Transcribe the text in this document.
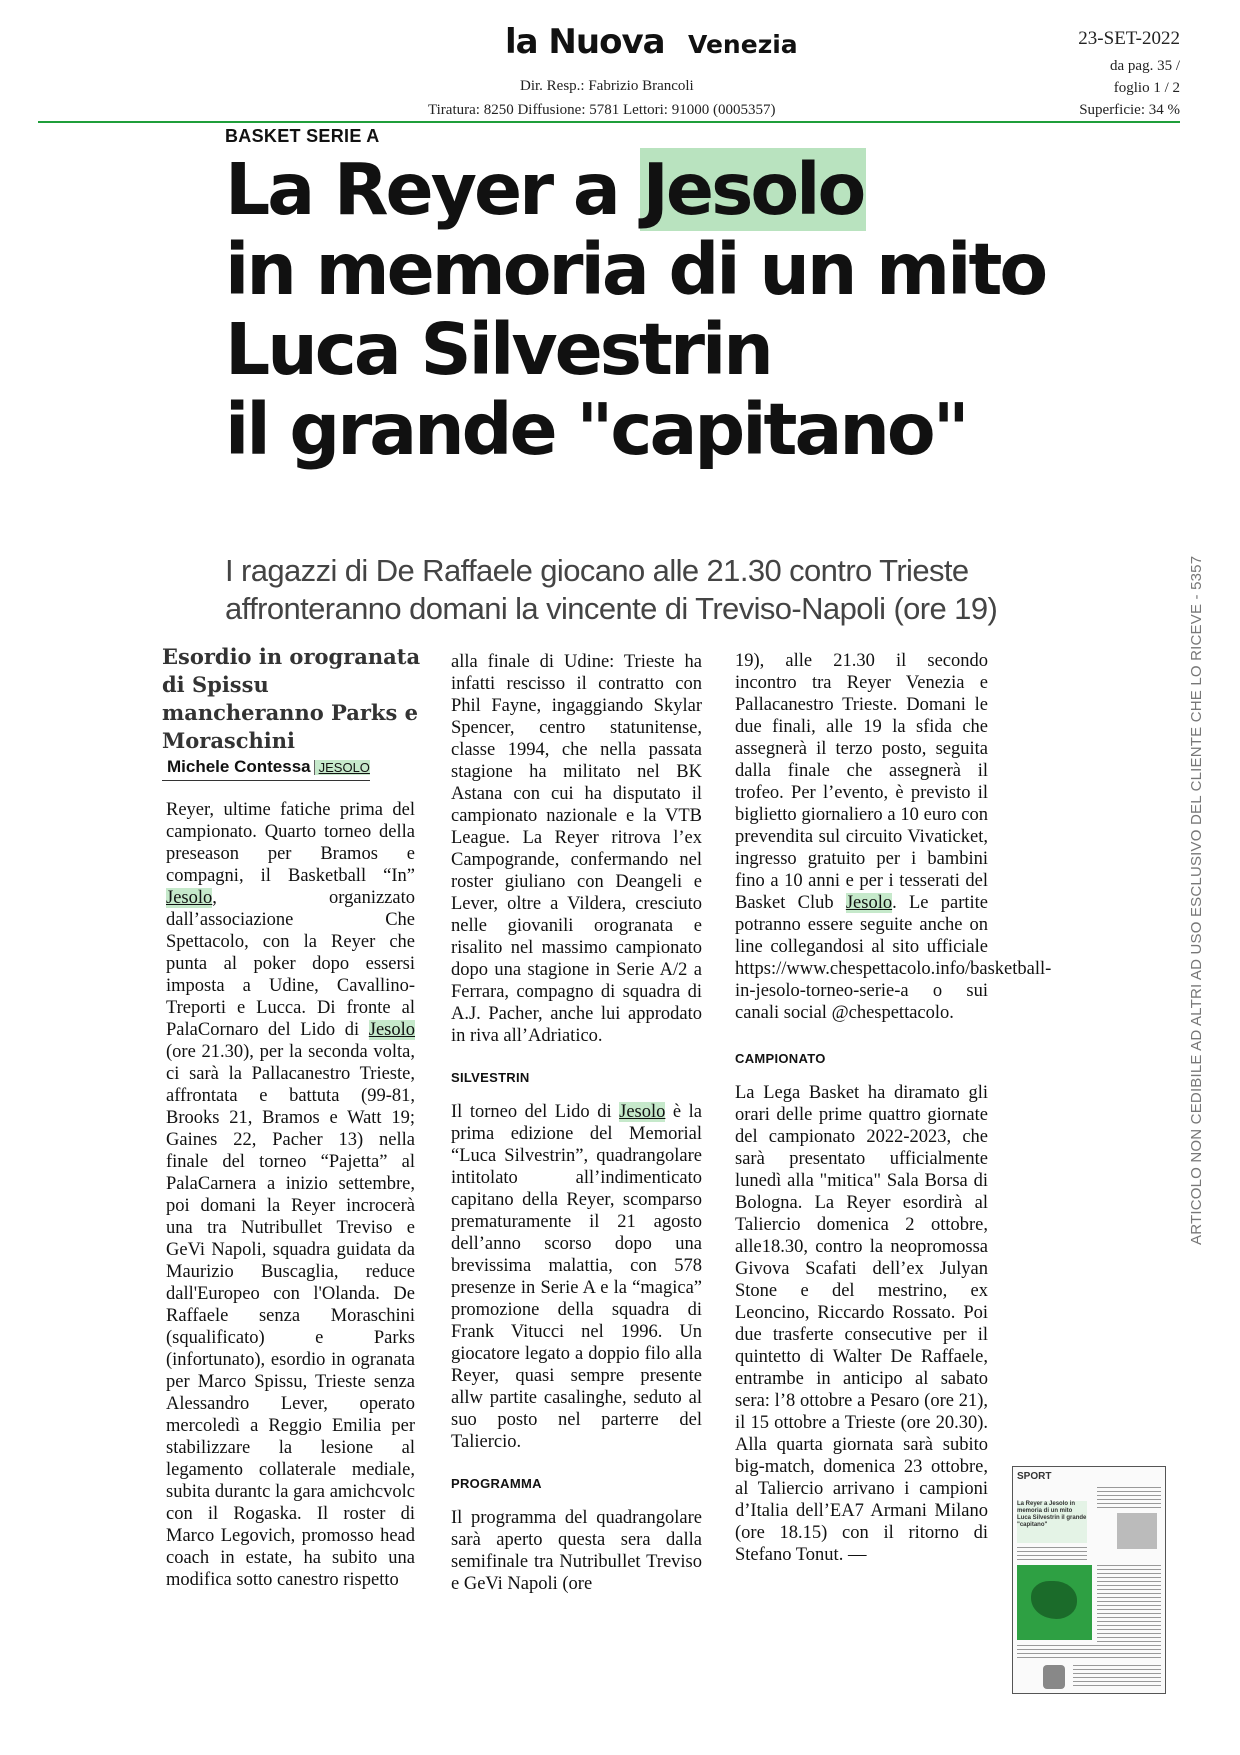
la Nuova Venezia
Dir. Resp.: Fabrizio Brancoli
Tiratura: 8250 Diffusione: 5781 Lettori: 91000 (0005357)
23-SET-2022
da pag. 35 /
foglio 1 / 2
Superficie: 34 %
BASKET SERIE A
La Reyer a Jesolo
in memoria di un mito
Luca Silvestrin
il grande "capitano"
I ragazzi di De Raffaele giocano alle 21.30 contro Trieste
affronteranno domani la vincente di Treviso-Napoli (ore 19)
Esordio in orogranata di Spissu mancheranno Parks e Moraschini
Michele Contessa JESOLO

Reyer, ultime fatiche prima del campionato. Quarto torneo della preseason per Bramos e compagni, il Basketball “In” Jesolo, organizzato dall’associazione Che Spettacolo, con la Reyer che punta al poker dopo essersi imposta a Udine, Cavallino-Treporti e Lucca. Di fronte al PalaCornaro del Lido di Jesolo (ore 21.30), per la seconda volta, ci sarà la Pallacanestro Trieste, affrontata e battuta (99-81, Brooks 21, Bramos e Watt 19; Gaines 22, Pacher 13) nella finale del torneo “Pajetta” al PalaCarnera a inizio settembre, poi domani la Reyer incrocerà una tra Nutribullet Treviso e GeVi Napoli, squadra guidata da Maurizio Buscaglia, reduce dall'Europeo con l'Olanda. De Raffaele senza Moraschini (squalificato) e Parks (infortunato), esordio in ogranata per Marco Spissu, Trieste senza Alessandro Lever, operato mercoledì a Reggio Emilia per stabilizzare la lesione al legamento collaterale mediale, subita durantc la gara amichcvolc con il Rogaska. Il roster di Marco Legovich, promosso head coach in estate, ha subito una modifica sotto canestro rispetto

alla finale di Udine: Trieste ha infatti rescisso il contratto con Phil Fayne, ingaggiando Skylar Spencer, centro statunitense, classe 1994, che nella passata stagione ha militato nel BK Astana con cui ha disputato il campionato nazionale e la VTB League. La Reyer ritrova l’ex Campogrande, confermando nel roster giuliano con Deangeli e Lever, oltre a Vildera, cresciuto nelle giovanili orogranata e risalito nel massimo campionato dopo una stagione in Serie A/2 a Ferrara, compagno di squadra di A.J. Pacher, anche lui approdato in riva all’Adriatico.

SILVESTRIN

Il torneo del Lido di Jesolo è la prima edizione del Memorial “Luca Silvestrin”, quadrangolare intitolato all’indimenticato capitano della Reyer, scomparso prematuramente il 21 agosto dell’anno scorso dopo una brevissima malattia, con 578 presenze in Serie A e la “magica” promozione della squadra di Frank Vitucci nel 1996. Un giocatore legato a doppio filo alla Reyer, quasi sempre presente allw partite casalinghe, seduto al suo posto nel parterre del Taliercio.

PROGRAMMA

Il programma del quadrangolare sarà aperto questa sera dalla semifinale tra Nutribullet Treviso e GeVi Napoli (ore

19), alle 21.30 il secondo incontro tra Reyer Venezia e Pallacanestro Trieste. Domani le due finali, alle 19 la sfida che assegnerà il terzo posto, seguita dalla finale che assegnerà il trofeo. Per l’evento, è previsto il biglietto giornaliero a 10 euro con prevendita sul circuito Vivaticket, ingresso gratuito per i bambini fino a 10 anni e per i tesserati del Basket Club Jesolo. Le partite potranno essere seguite anche on line collegandosi al sito ufficiale https://www.chespettacolo.info/basketball-in-jesolo-torneo-serie-a o sui canali social @chespettacolo.

CAMPIONATO

La Lega Basket ha diramato gli orari delle prime quattro giornate del campionato 2022-2023, che sarà presentato ufficialmente lunedì alla "mitica" Sala Borsa di Bologna. La Reyer esordirà al Taliercio domenica 2 ottobre, alle18.30, contro la neopromossa Givova Scafati dell’ex Julyan Stone e del mestrino, ex Leoncino, Riccardo Rossato. Poi due trasferte consecutive per il quintetto di Walter De Raffaele, entrambe in anticipo al sabato sera: l’8 ottobre a Pesaro (ore 21), il 15 ottobre a Trieste (ore 20.30). Alla quarta giornata sarà subito big-match, domenica 23 ottobre, al Taliercio arrivano i campioni d’Italia dell’EA7 Armani Milano (ore 18.15) con il ritorno di Stefano Tonut. —

ARTICOLO NON CEDIBILE AD ALTRI AD USO ESCLUSIVO DEL CLIENTE CHE LO RICEVE - 5357
SPORT
La Reyer a Jesolo in memoria di un mito Luca Silvestrin il grande "capitano"
